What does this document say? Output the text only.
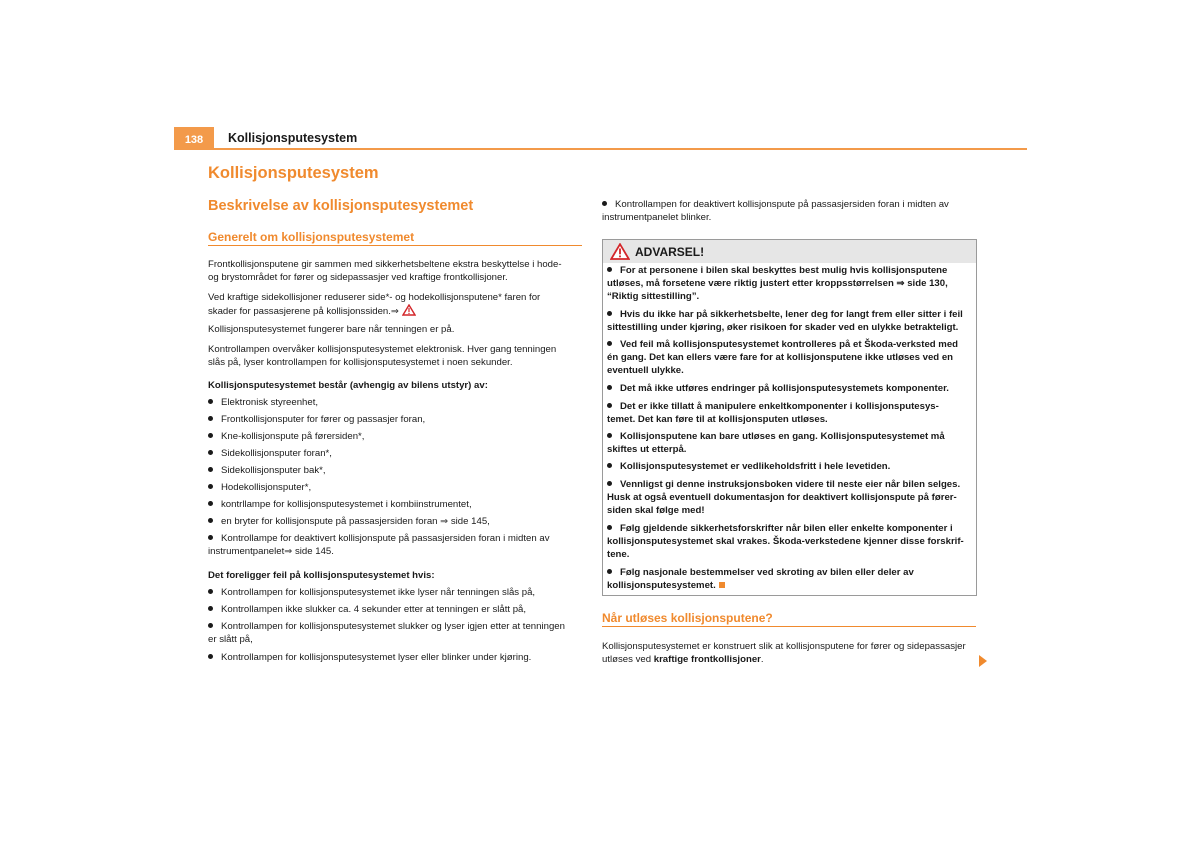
138	Kollisjonsputesystem
Kollisjonsputesystem
Beskrivelse av kollisjonsputesystemet
Generelt om kollisjonsputesystemet

Frontkollisjonsputene gir sammen med sikkerhetsbeltene ekstra beskyttelse i hode-
og brystområdet for fører og sidepassasjer ved kraftige frontkollisjoner.

Ved kraftige sidekollisjoner reduserer side*- og hodekollisjonsputene* faren for
skader for passasjerene på kollisjonssiden.⇒

Kollisjonsputesystemet fungerer bare når tenningen er på.

Kontrollampen overvåker kollisjonsputesystemet elektronisk. Hver gang tenningen
slås på, lyser kontrollampen for kollisjonsputesystemet i noen sekunder.

Kollisjonsputesystemet består (avhengig av bilens utstyr) av:

Elektronisk styreenhet,

Frontkollisjonsputer for fører og passasjer foran,

Kne-kollisjonspute på førersiden*,

Sidekollisjonsputer foran*,

Sidekollisjonsputer bak*,

Hodekollisjonsputer*,

kontrllampe for kollisjonsputesystemet i kombiinstrumentet,

en bryter for kollisjonspute på passasjersiden foran ⇒ side 145,

Kontrollampe for deaktivert kollisjonspute på passasjersiden foran i midten av
instrumentpanelet⇒ side 145.

Det foreligger feil på kollisjonsputesystemet hvis:

Kontrollampen for kollisjonsputesystemet ikke lyser når tenningen slås på,

Kontrollampen ikke slukker ca. 4 sekunder etter at tenningen er slått på,

Kontrollampen for kollisjonsputesystemet slukker og lyser igjen etter at tenningen
er slått på,

Kontrollampen for kollisjonsputesystemet lyser eller blinker under kjøring.

Kontrollampen for deaktivert kollisjonspute på passasjersiden foran i midten av
instrumentpanelet blinker.

ADVARSEL!

For at personene i bilen skal beskyttes best mulig hvis kollisjonsputene
utløses, må forsetene være riktig justert etter kroppsstørrelsen ⇒ side 130,
“Riktig sittestilling”.

Hvis du ikke har på sikkerhetsbelte, lener deg for langt frem eller sitter i feil
sittestilling under kjøring, øker risikoen for skader ved en ulykke betrakteligt.

Ved feil må kollisjonsputesystemet kontrolleres på et Škoda-verksted med
én gang. Det kan ellers være fare for at kollisjonsputene ikke utløses ved en
eventuell ulykke.

Det må ikke utføres endringer på kollisjonsputesystemets komponenter.

Det er ikke tillatt å manipulere enkeltkomponenter i kollisjonsputesys-
temet. Det kan føre til at kollisjonsputen utløses.

Kollisjonsputene kan bare utløses en gang. Kollisjonsputesystemet må
skiftes ut etterpå.

Kollisjonsputesystemet er vedlikeholdsfritt i hele levetiden.

Vennligst gi denne instruksjonsboken videre til neste eier når bilen selges.
Husk at også eventuell dokumentasjon for deaktivert kollisjonspute på fører-
siden skal følge med!

Følg gjeldende sikkerhetsforskrifter når bilen eller enkelte komponenter i
kollisjonsputesystemet skal vrakes. Škoda-verkstedene kjenner disse forskrif-
tene.

Følg nasjonale bestemmelser ved skroting av bilen eller deler av
kollisjonsputesystemet.

Når utløses kollisjonsputene?

Kollisjonsputesystemet er konstruert slik at kollisjonsputene for fører og sidepassasjer
utløses ved kraftige frontkollisjoner.
